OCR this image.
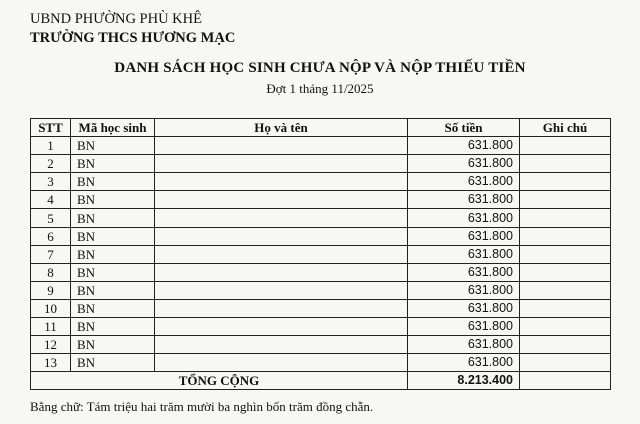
UBND PHƯỜNG PHÙ KHÊ
TRƯỜNG THCS HƯƠNG MẠC
DANH SÁCH HỌC SINH CHƯA NỘP VÀ NỘP THIẾU TIỀN
Đợt 1 tháng 11/2025
STT	Mã học sinh	Họ và tên	Số tiền	Ghi chú
1	BN		631.800	
2	BN		631.800	
3	BN		631.800	
4	BN		631.800	
5	BN		631.800	
6	BN		631.800	
7	BN		631.800	
8	BN		631.800	
9	BN		631.800	
10	BN		631.800	
11	BN		631.800	
12	BN		631.800	
13	BN		631.800	
TỔNG CỘNG			8.213.400	
Bằng chữ: Tám triệu hai trăm mười ba nghìn bốn trăm đồng chẵn.
